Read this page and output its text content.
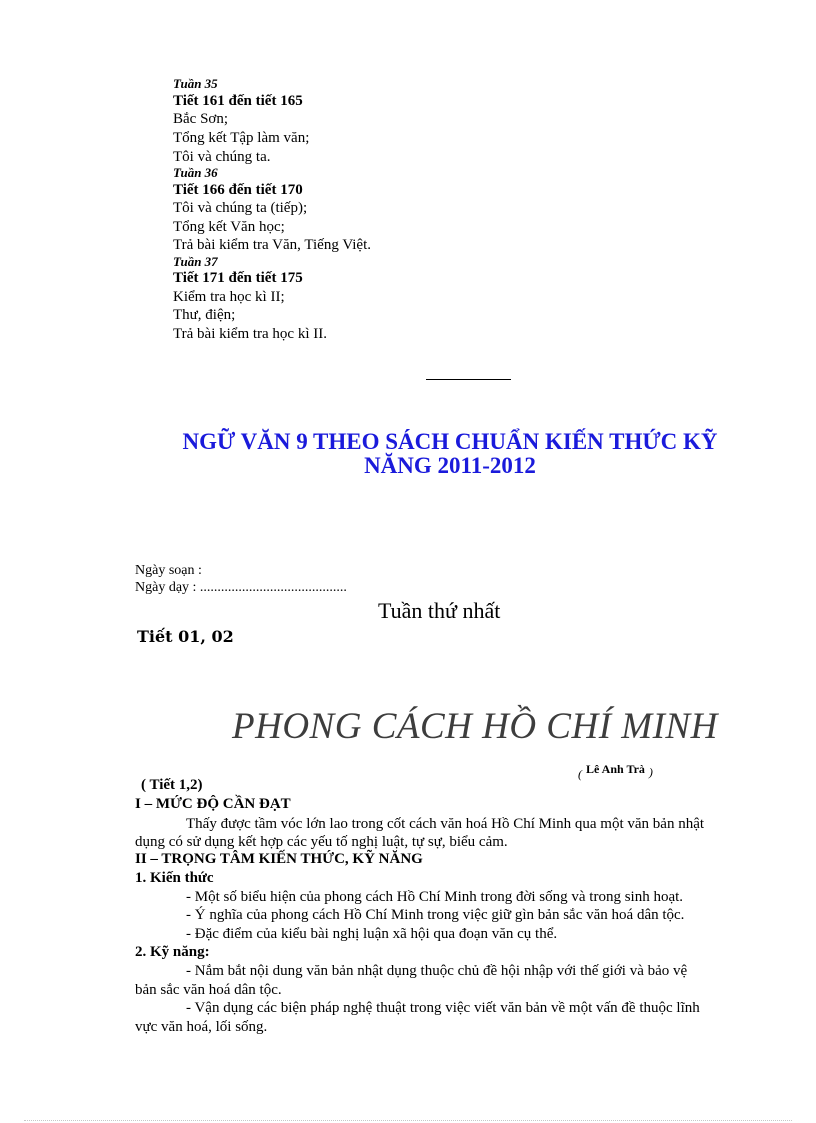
Tuần 35
Tiết 161 đến tiết 165
Bắc Sơn;
Tổng kết Tập làm văn;
Tôi và chúng ta.
Tuần 36
Tiết 166 đến tiết 170
Tôi và chúng ta (tiếp);
Tổng kết Văn học;
Trả bài kiểm tra Văn, Tiếng Việt.
Tuần 37
Tiết 171 đến tiết 175
Kiểm tra học kì II;
Thư, điện;
Trả bài kiểm tra học kì II.
NGỮ VĂN 9 THEO SÁCH CHUẨN KIẾN THỨC KỸ
NĂNG 2011-2012
Ngày soạn :
Ngày dạy : ..........................................
Tuần thứ nhất
Tiết 01, 02
PHONG CÁCH HỒ CHÍ MINH
$_($ Lê Anh Trà )
( Tiết 1,2)
I – MỨC ĐỘ CẦN ĐẠT
Thấy được tầm vóc lớn lao trong cốt cách văn hoá Hồ Chí Minh qua một văn bản nhật
dụng có sử dụng kết hợp các yếu tố nghị luật, tự sự, biểu cảm.
II – TRỌNG TÂM KIẾN THỨC, KỸ NĂNG
1. Kiến thức
- Một số biểu hiện của phong cách Hồ Chí Minh trong đời sống và trong sinh hoạt.
- Ý nghĩa của phong cách Hồ Chí Minh trong việc giữ gìn bản sắc văn hoá dân tộc.
- Đặc điểm của kiểu bài nghị luận xã hội qua đoạn văn cụ thể.
2. Kỹ năng:
- Nắm bắt nội dung văn bản nhật dụng thuộc chủ đề hội nhập với thế giới và bảo vệ
bản sắc văn hoá dân tộc.
- Vận dụng các biện pháp nghệ thuật trong việc viết văn bản về một vấn đề thuộc lĩnh
vực văn hoá, lối sống.
